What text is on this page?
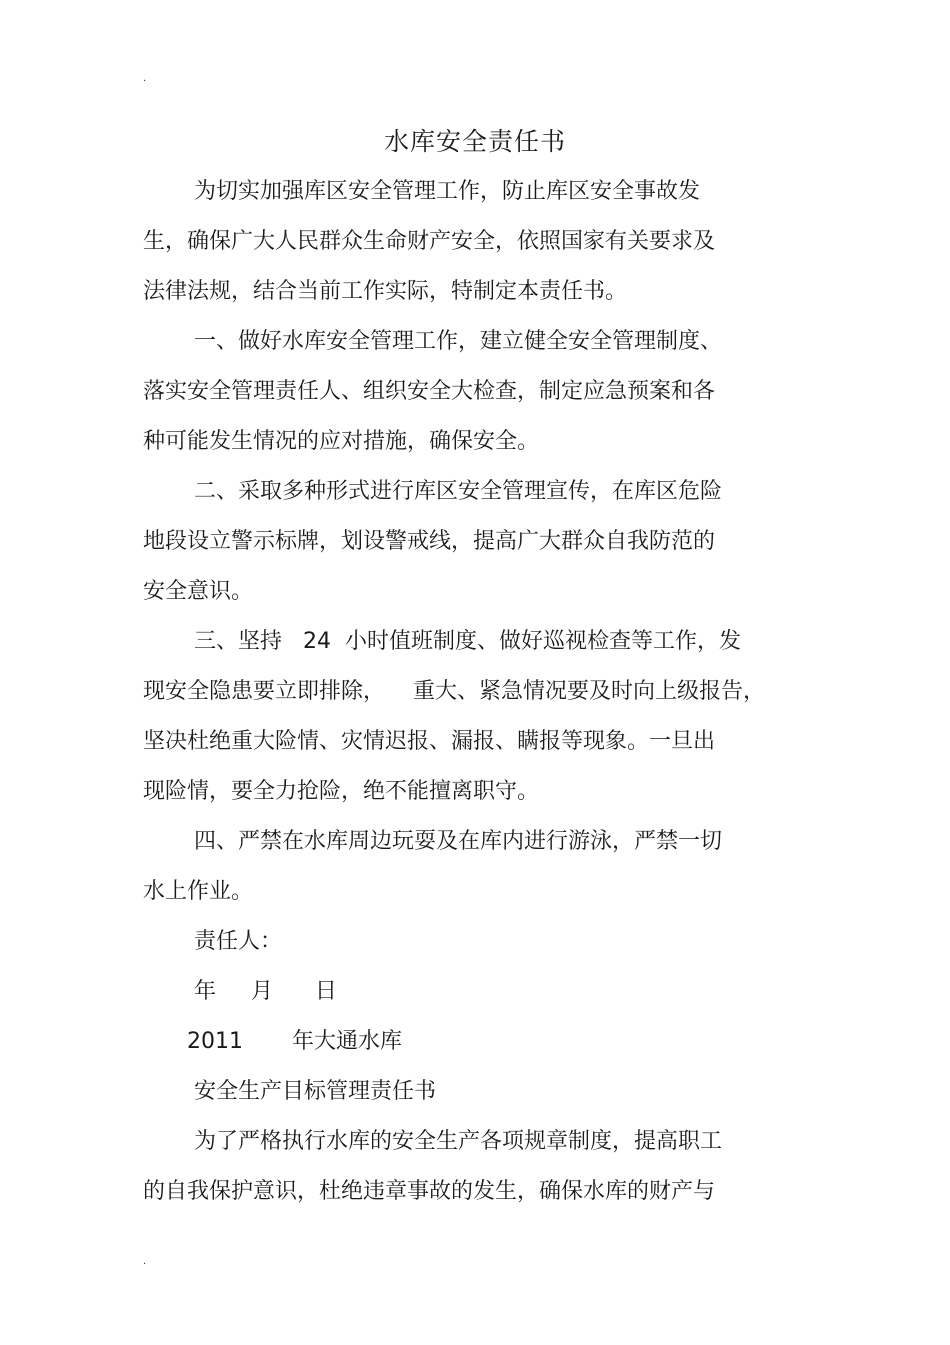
.
水库安全责任书
为切实加强库区安全管理工作，防止库区安全事故发
生，确保广大人民群众生命财产安全，依照国家有关要求及
法律法规，结合当前工作实际，特制定本责任书。
一、做好水库安全管理工作，建立健全安全管理制度、
落实安全管理责任人、组织安全大检查，制定应急预案和各
种可能发生情况的应对措施，确保安全。
二、采取多种形式进行库区安全管理宣传，在库区危险
地段设立警示标牌，划设警戒线，提高广大群众自我防范的
安全意识。
三、坚持   24  小时值班制度、做好巡视检查等工作，发
现安全隐患要立即排除，    重大、紧急情况要及时向上级报告，
坚决杜绝重大险情、灾情迟报、漏报、瞒报等现象。一旦出
现险情，要全力抢险，绝不能擅离职守。
四、严禁在水库周边玩耍及在库内进行游泳，严禁一切
水上作业。
责任人：
年     月      日
2011       年大通水库
安全生产目标管理责任书
为了严格执行水库的安全生产各项规章制度，提高职工
的自我保护意识，杜绝违章事故的发生，确保水库的财产与
.
